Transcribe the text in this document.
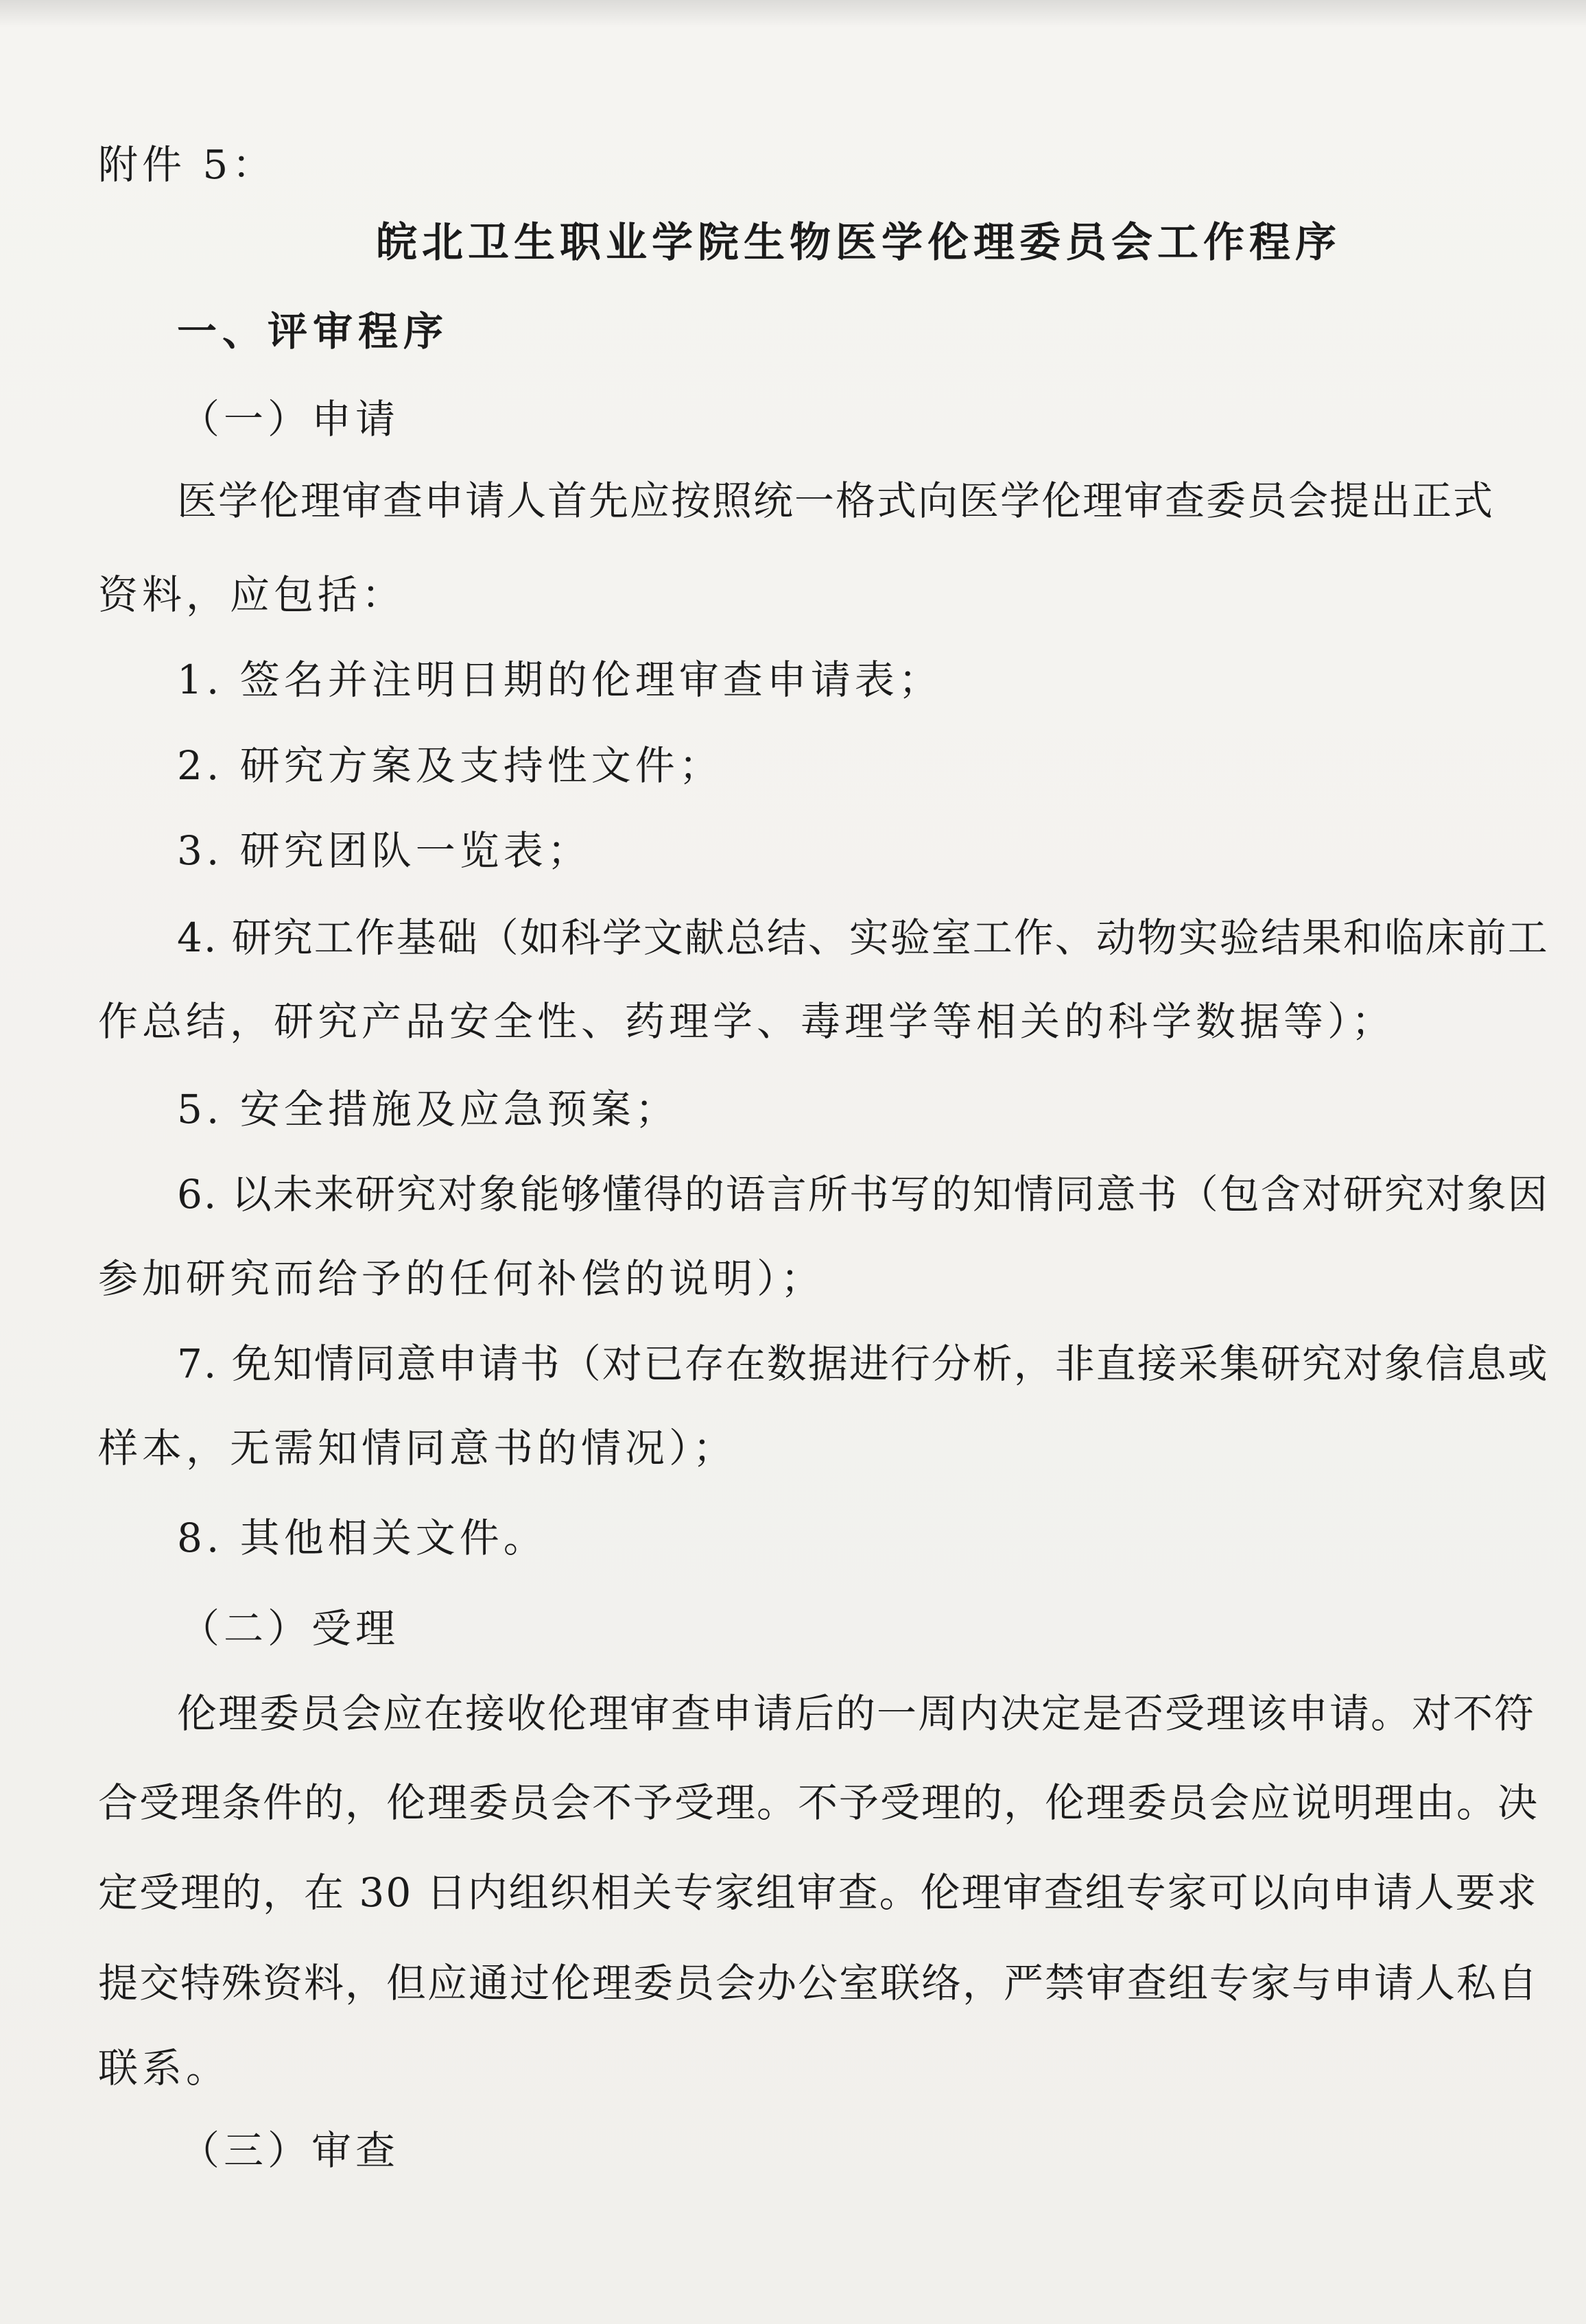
附件 5：
皖北卫生职业学院生物医学伦理委员会工作程序
一、评审程序
（一）申请
医学伦理审查申请人首先应按照统一格式向医学伦理审查委员会提出正式
资料，应包括：
1. 签名并注明日期的伦理审查申请表；
2. 研究方案及支持性文件；
3. 研究团队一览表；
4. 研究工作基础（如科学文献总结、实验室工作、动物实验结果和临床前工
作总结，研究产品安全性、药理学、毒理学等相关的科学数据等）；
5. 安全措施及应急预案；
6. 以未来研究对象能够懂得的语言所书写的知情同意书（包含对研究对象因
参加研究而给予的任何补偿的说明）；
7. 免知情同意申请书（对已存在数据进行分析，非直接采集研究对象信息或
样本，无需知情同意书的情况）；
8. 其他相关文件。
（二）受理
伦理委员会应在接收伦理审查申请后的一周内决定是否受理该申请。对不符
合受理条件的，伦理委员会不予受理。不予受理的，伦理委员会应说明理由。决
定受理的，在 30 日内组织相关专家组审查。伦理审查组专家可以向申请人要求
提交特殊资料，但应通过伦理委员会办公室联络，严禁审查组专家与申请人私自
联系。
（三）审查
